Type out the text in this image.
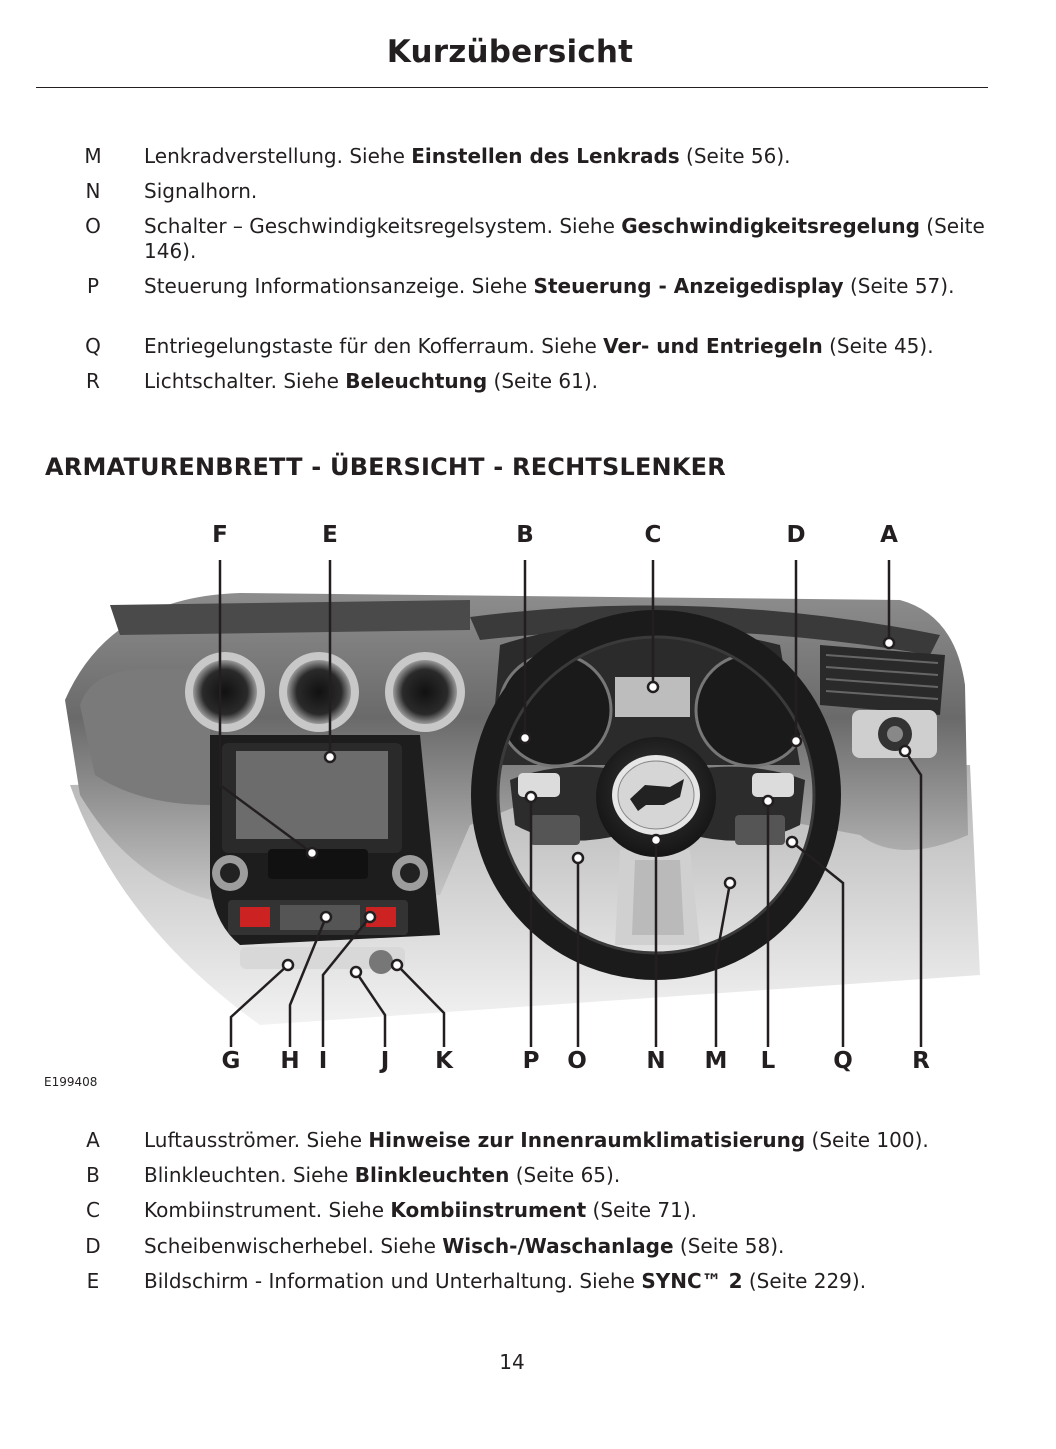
Kurzübersicht
M Lenkradverstellung. Siehe Einstellen des Lenkrads (Seite 56).
N Signalhorn.
O Schalter – Geschwindigkeitsregelsystem. Siehe Geschwindigkeitsregelung (Seite 146).
P Steuerung Informationsanzeige. Siehe Steuerung - Anzeigedisplay (Seite 57).
Q Entriegelungstaste für den Kofferraum. Siehe Ver- und Entriegeln (Seite 45).
R Lichtschalter. Siehe Beleuchtung (Seite 61).
ARMATURENBRETT - ÜBERSICHT - RECHTSLENKER
F	E	B	C	D	A
G H I	J	K	P O	N M	L	Q	R
E199408
A Luftausströmer. Siehe Hinweise zur Innenraumklimatisierung (Seite 100).
B Blinkleuchten. Siehe Blinkleuchten (Seite 65).
C Kombiinstrument. Siehe Kombiinstrument (Seite 71).
D Scheibenwischerhebel. Siehe Wisch-/Waschanlage (Seite 58).
E Bildschirm - Information und Unterhaltung. Siehe SYNC™ 2 (Seite 229).
14
